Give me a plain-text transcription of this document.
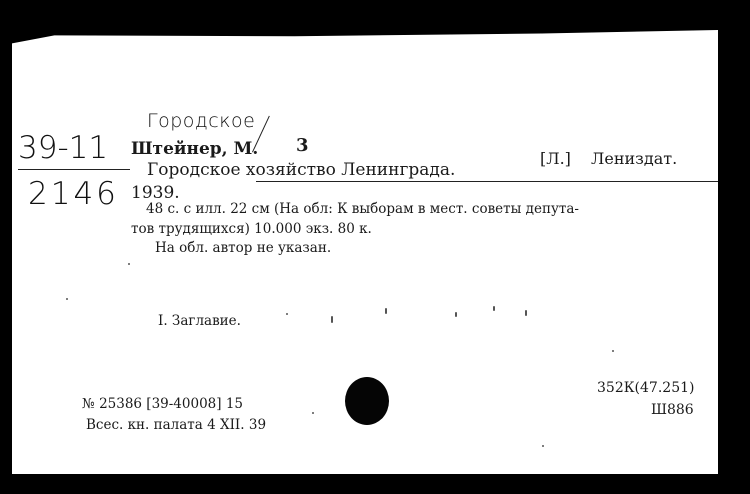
Городское
39-11
2146
Штейнер, М. 3
Городское хозяйство Ленинграда.
[Л.] Лениздат.
1939.
48 с. с илл. 22 см (На обл: К выборам в мест. советы депута-
тов трудящихся) 10.000 экз. 80 к.
На обл. автор не указан.
I. Заглавие.
№ 25386 [39-40008] 15
Всес. кн. палата 4 XII. 39
352К(47.251)
Ш886
